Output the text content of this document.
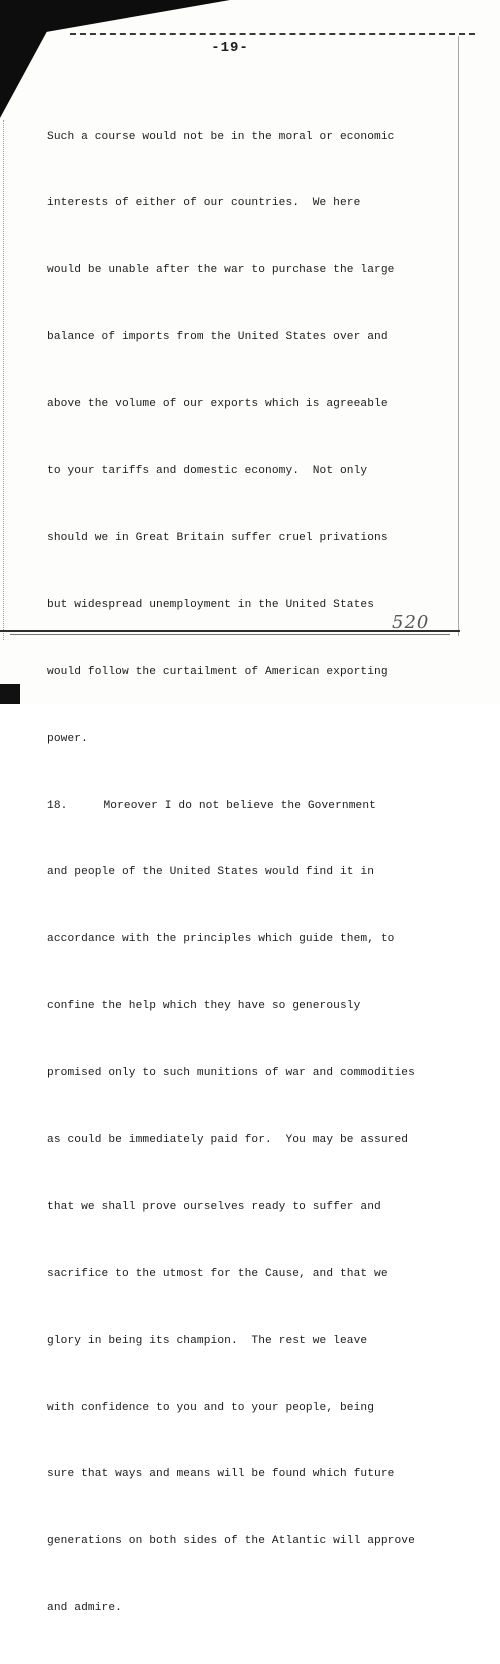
-19-

Such a course would not be in the moral or economic

interests of either of our countries.  We here

would be unable after the war to purchase the large

balance of imports from the United States over and

above the volume of our exports which is agreeable

to your tariffs and domestic economy.  Not only

should we in Great Britain suffer cruel privations

but widespread unemployment in the United States

would follow the curtailment of American exporting

power.

18.	Moreover I do not believe the Government

and people of the United States would find it in

accordance with the principles which guide them, to

confine the help which they have so generously

promised only to such munitions of war and commodities

as could be immediately paid for.  You may be assured

that we shall prove ourselves ready to suffer and

sacrifice to the utmost for the Cause, and that we

glory in being its champion.  The rest we leave

with confidence to you and to your people, being

sure that ways and means will be found which future

generations on both sides of the Atlantic will approve

and admire.

520
